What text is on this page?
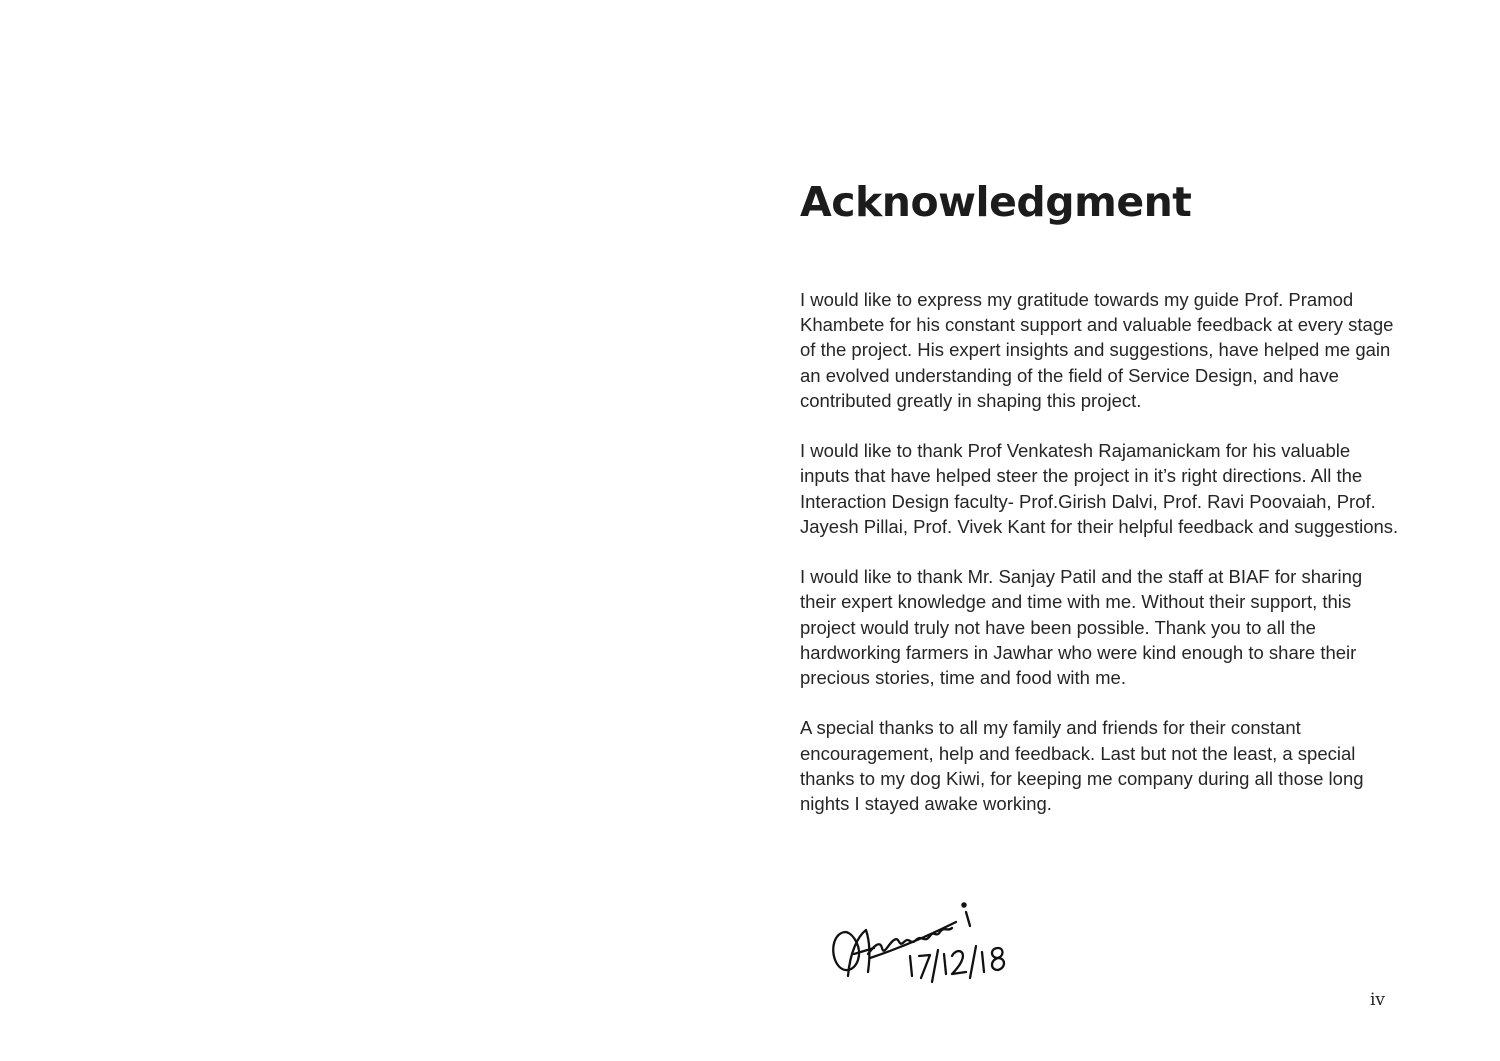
Acknowledgment

I would like to express my gratitude towards my guide Prof. Pramod Khambete for his constant support and valuable feedback at every stage of the project. His expert insights and suggestions, have helped me gain an evolved understanding of the field of Service Design, and have contributed greatly in shaping this project.

I would like to thank Prof Venkatesh Rajamanickam for his valuable inputs that have helped steer the project in it’s right directions. All the Interaction Design faculty- Prof.Girish Dalvi, Prof. Ravi Poovaiah, Prof. Jayesh Pillai, Prof. Vivek Kant for their helpful feedback and suggestions.

I would like to thank Mr. Sanjay Patil and the staff at BIAF for sharing their expert knowledge and time with me. Without their support, this project would truly not have been possible. Thank you to all the hardworking farmers in Jawhar who were kind enough to share their precious stories, time and food with me.

A special thanks to all my family and friends for their constant encouragement, help and feedback. Last but not the least, a special thanks to my dog Kiwi, for keeping me company during all those long nights I stayed awake working.

iv
